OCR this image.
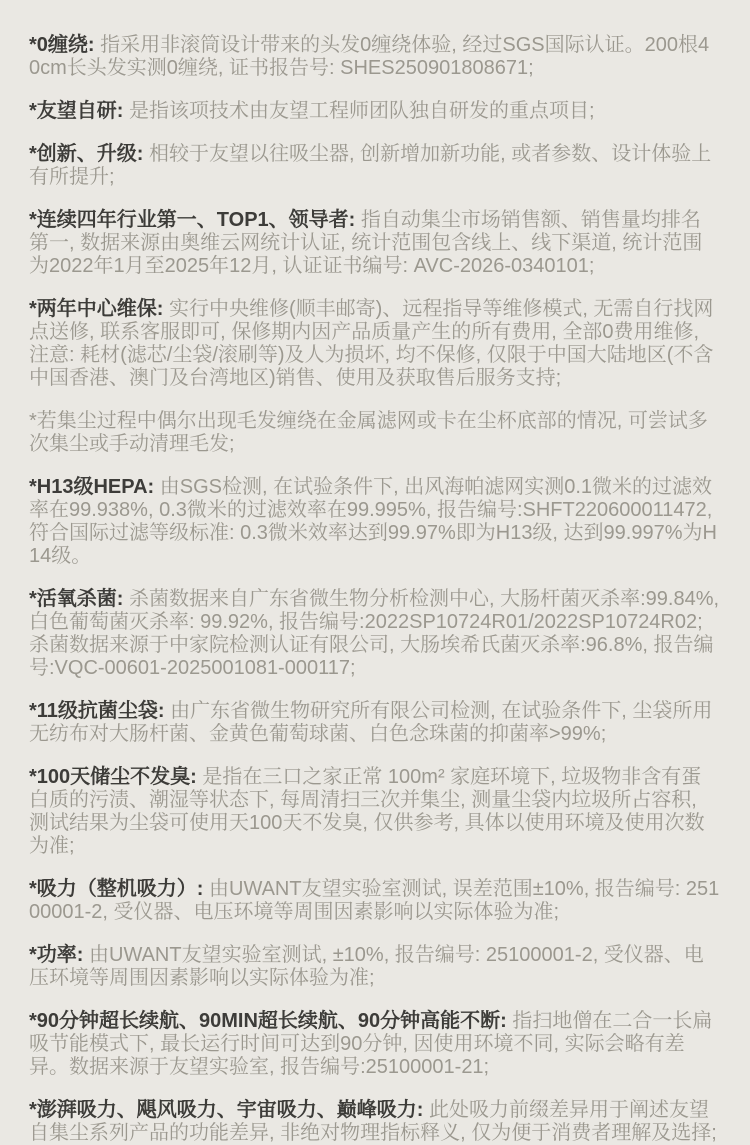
*0缠绕: 指采用非滚筒设计带来的头发0缠绕体验, 经过SGS国际认证。200根40cm长头发实测0缠绕, 证书报告号: SHES250901808671;

*友望自研: 是指该项技术由友望工程师团队独自研发的重点项目;

*创新、升级: 相较于友望以往吸尘器, 创新增加新功能, 或者参数、设计体验上有所提升;

*连续四年行业第一、TOP1、领导者: 指自动集尘市场销售额、销售量均排名第一, 数据来源由奥维云网统计认证, 统计范围包含线上、线下渠道, 统计范围为2022年1月至2025年12月, 认证证书编号: AVC-2026-0340101;

*两年中心维保: 实行中央维修(顺丰邮寄)、远程指导等维修模式, 无需自行找网点送修, 联系客服即可, 保修期内因产品质量产生的所有费用, 全部0费用维修, 注意: 耗材(滤芯/尘袋/滚刷等)及人为损坏, 均不保修, 仅限于中国大陆地区(不含中国香港、澳门及台湾地区)销售、使用及获取售后服务支持;

*若集尘过程中偶尔出现毛发缠绕在金属滤网或卡在尘杯底部的情况, 可尝试多次集尘或手动清理毛发;

*H13级HEPA: 由SGS检测, 在试验条件下, 出风海帕滤网实测0.1微米的过滤效率在99.938%, 0.3微米的过滤效率在99.995%, 报告编号:SHFT220600011472, 符合国际过滤等级标准: 0.3微米效率达到99.97%即为H13级, 达到99.997%为H14级。

*活氧杀菌: 杀菌数据来自广东省微生物分析检测中心, 大肠杆菌灭杀率:99.84%,白色葡萄菌灭杀率: 99.92%, 报告编号:2022SP10724R01/2022SP10724R02; 杀菌数据来源于中家院检测认证有限公司, 大肠埃希氏菌灭杀率:96.8%, 报告编号:VQC-00601-2025001081-000117;

*11级抗菌尘袋: 由广东省微生物研究所有限公司检测, 在试验条件下, 尘袋所用无纺布对大肠杆菌、金黄色葡萄球菌、白色念珠菌的抑菌率>99%;

*100天储尘不发臭: 是指在三口之家正常 100m² 家庭环境下, 垃圾物非含有蛋白质的污渍、潮湿等状态下, 每周清扫三次并集尘, 测量尘袋内垃圾所占容积, 测试结果为尘袋可使用天100天不发臭, 仅供参考, 具体以使用环境及使用次数为准;

*吸力（整机吸力）: 由UWANT友望实验室测试, 误差范围±10%, 报告编号: 25100001-2, 受仪器、电压环境等周围因素影响以实际体验为准;

*功率: 由UWANT友望实验室测试, ±10%, 报告编号: 25100001-2, 受仪器、电压环境等周围因素影响以实际体验为准;

*90分钟超长续航、90MIN超长续航、90分钟高能不断: 指扫地僧在二合一长扁吸节能模式下, 最长运行时间可达到90分钟, 因使用环境不同, 实际会略有差异。数据来源于友望实验室, 报告编号:25100001-21;

*澎湃吸力、飓风吸力、宇宙吸力、巅峰吸力: 此处吸力前缀差异用于阐述友望自集尘系列产品的功能差异, 非绝对物理指标释义, 仅为便于消费者理解及选择;
